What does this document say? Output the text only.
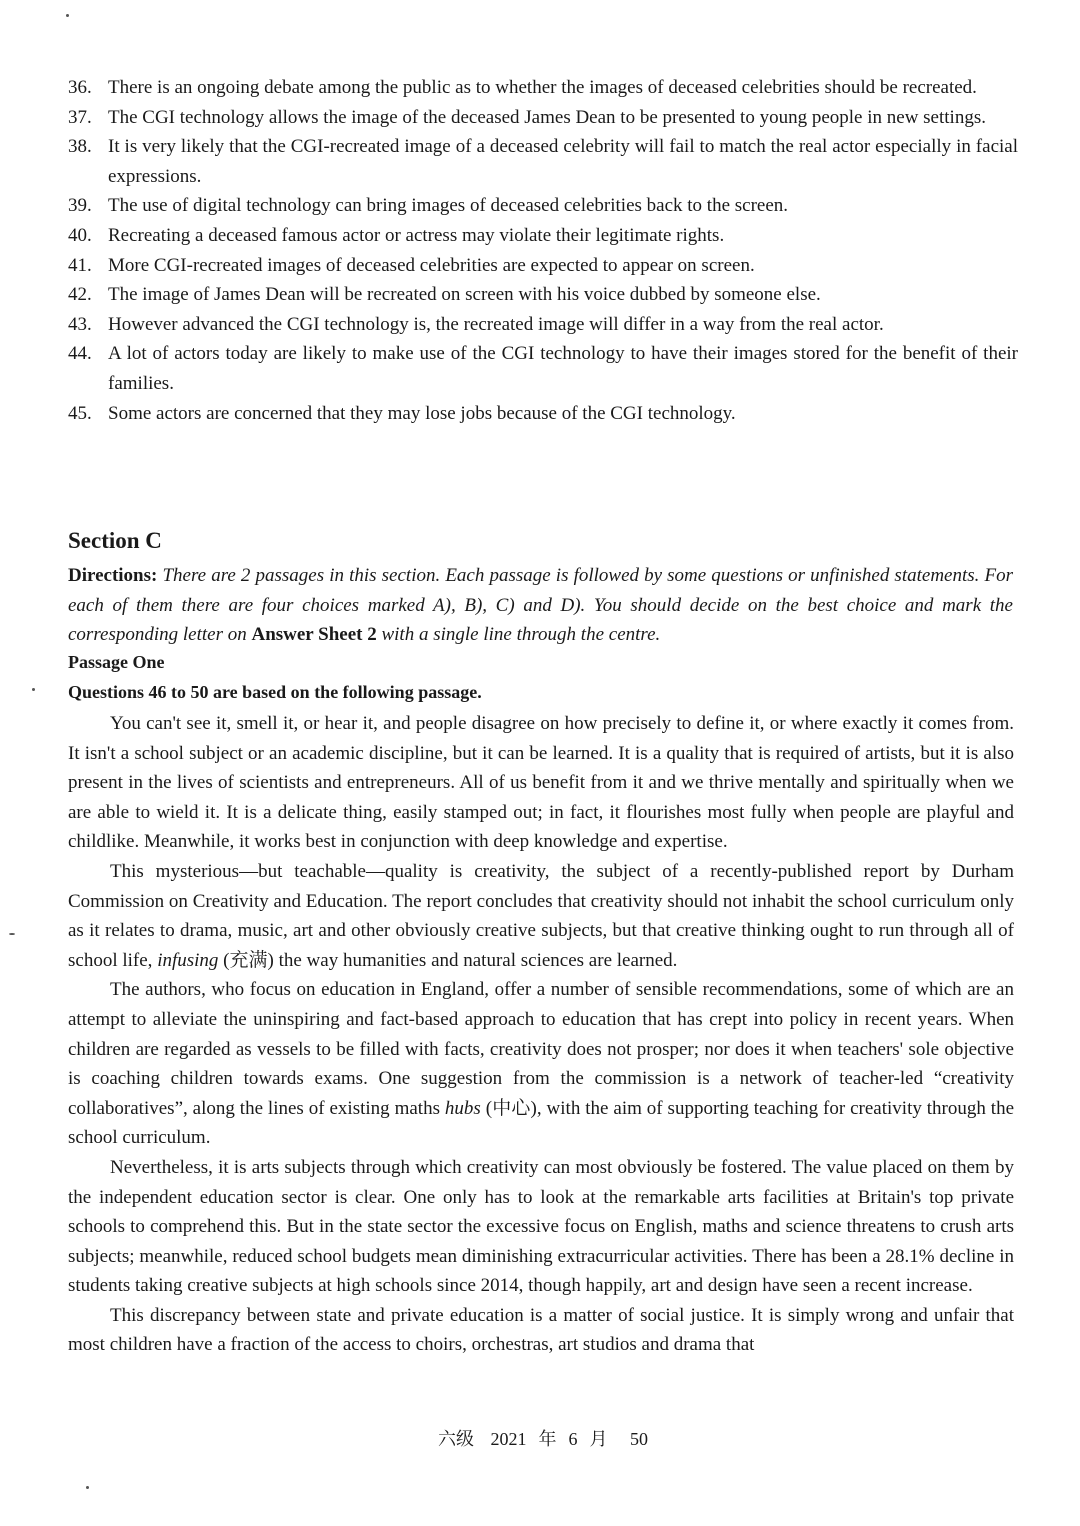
36. There is an ongoing debate among the public as to whether the images of deceased celebrities should be recreated.
37. The CGI technology allows the image of the deceased James Dean to be presented to young people in new settings.
38. It is very likely that the CGI-recreated image of a deceased celebrity will fail to match the real actor especially in facial expressions.
39. The use of digital technology can bring images of deceased celebrities back to the screen.
40. Recreating a deceased famous actor or actress may violate their legitimate rights.
41. More CGI-recreated images of deceased celebrities are expected to appear on screen.
42. The image of James Dean will be recreated on screen with his voice dubbed by someone else.
43. However advanced the CGI technology is, the recreated image will differ in a way from the real actor.
44. A lot of actors today are likely to make use of the CGI technology to have their images stored for the benefit of their families.
45. Some actors are concerned that they may lose jobs because of the CGI technology.
Section C
Directions: There are 2 passages in this section. Each passage is followed by some questions or unfinished statements. For each of them there are four choices marked A), B), C) and D). You should decide on the best choice and mark the corresponding letter on Answer Sheet 2 with a single line through the centre.
Passage One
Questions 46 to 50 are based on the following passage.

You can't see it, smell it, or hear it, and people disagree on how precisely to define it, or where exactly it comes from. It isn't a school subject or an academic discipline, but it can be learned. It is a quality that is required of artists, but it is also present in the lives of scientists and entrepreneurs. All of us benefit from it and we thrive mentally and spiritually when we are able to wield it. It is a delicate thing, easily stamped out; in fact, it flourishes most fully when people are playful and childlike. Meanwhile, it works best in conjunction with deep knowledge and expertise.

This mysterious—but teachable—quality is creativity, the subject of a recently-published report by Durham Commission on Creativity and Education. The report concludes that creativity should not inhabit the school curriculum only as it relates to drama, music, art and other obviously creative subjects, but that creative thinking ought to run through all of school life, infusing (充满) the way humanities and natural sciences are learned.

The authors, who focus on education in England, offer a number of sensible recommendations, some of which are an attempt to alleviate the uninspiring and fact-based approach to education that has crept into policy in recent years. When children are regarded as vessels to be filled with facts, creativity does not prosper; nor does it when teachers' sole objective is coaching children towards exams. One suggestion from the commission is a network of teacher-led “creativity collaboratives”, along the lines of existing maths hubs (中心), with the aim of supporting teaching for creativity through the school curriculum.

Nevertheless, it is arts subjects through which creativity can most obviously be fostered. The value placed on them by the independent education sector is clear. One only has to look at the remarkable arts facilities at Britain's top private schools to comprehend this. But in the state sector the excessive focus on English, maths and science threatens to crush arts subjects; meanwhile, reduced school budgets mean diminishing extracurricular activities. There has been a 28.1% decline in students taking creative subjects at high schools since 2014, though happily, art and design have seen a recent increase.

This discrepancy between state and private education is a matter of social justice. It is simply wrong and unfair that most children have a fraction of the access to choirs, orchestras, art studios and drama that

六级 2021 年 6 月 50
